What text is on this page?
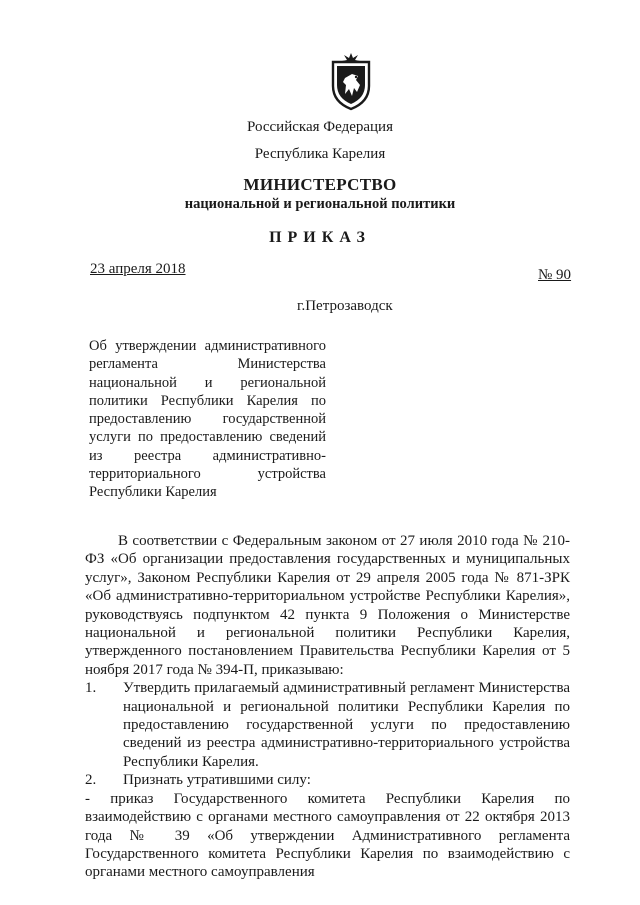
Российская Федерация
Республика Карелия
МИНИСТЕРСТВО
национальной и региональной политики
ПРИКАЗ
23 апреля 2018	№ 90
г.Петрозаводск
Об утверждении административного регламента Министерства национальной и региональной политики Республики Карелия по предоставлению государственной услуги по предоставлению сведений из реестра административно-территориального устройства Республики Карелия

В соответствии с Федеральным законом от 27 июля 2010 года № 210-ФЗ «Об организации предоставления государственных и муниципальных услуг», Законом Республики Карелия от 29 апреля 2005 года № 871-ЗРК «Об административно-территориальном устройстве Республики Карелия», руководствуясь подпунктом 42 пункта 9 Положения о Министерстве национальной и региональной политики Республики Карелия, утвержденного постановлением Правительства Республики Карелия от 5 ноября 2017 года № 394-П, приказываю:

1.	Утвердить прилагаемый административный регламент Министерства национальной и региональной политики Республики Карелия по предоставлению государственной услуги по предоставлению сведений из реестра административно-территориального устройства Республики Карелия.
2.	Признать утратившими силу:

- приказ Государственного комитета Республики Карелия по взаимодействию с органами местного самоуправления от 22 октября 2013 года № 39 «Об утверждении Административного регламента Государственного комитета Республики Карелия по взаимодействию с органами местного самоуправления
